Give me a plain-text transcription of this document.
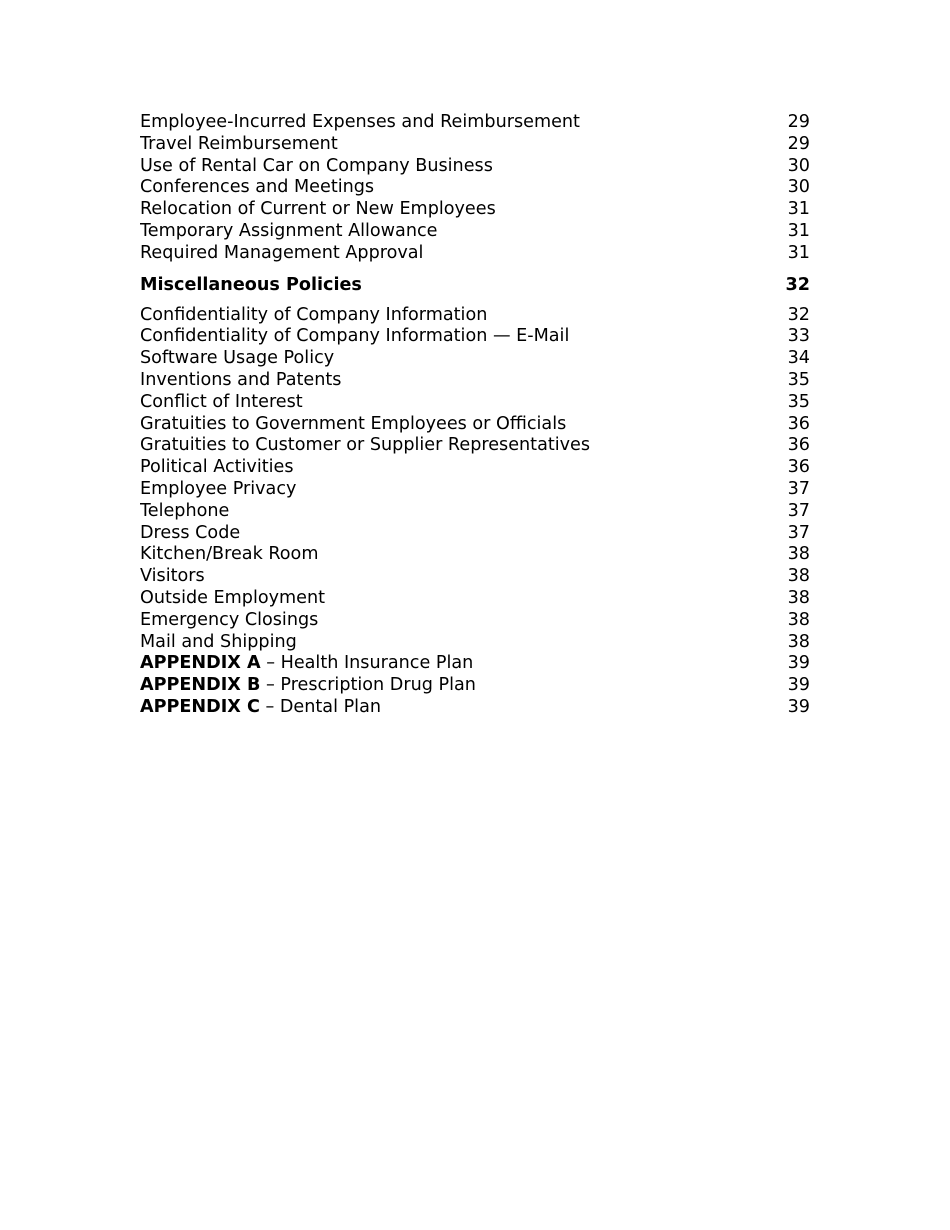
Employee-Incurred Expenses and Reimbursement	29
Travel Reimbursement	29
Use of Rental Car on Company Business	30
Conferences and Meetings	30
Relocation of Current or New Employees	31
Temporary Assignment Allowance	31
Required Management Approval	31
Miscellaneous Policies	32
Confidentiality of Company Information	32
Confidentiality of Company Information — E-Mail	33
Software Usage Policy	34
Inventions and Patents	35
Conflict of Interest	35
Gratuities to Government Employees or Officials	36
Gratuities to Customer or Supplier Representatives	36
Political Activities	36
Employee Privacy	37
Telephone	37
Dress Code	37
Kitchen/Break Room	38
Visitors	38
Outside Employment	38
Emergency Closings	38
Mail and Shipping	38
APPENDIX A – Health Insurance Plan	39
APPENDIX B – Prescription Drug Plan	39
APPENDIX C – Dental Plan	39
